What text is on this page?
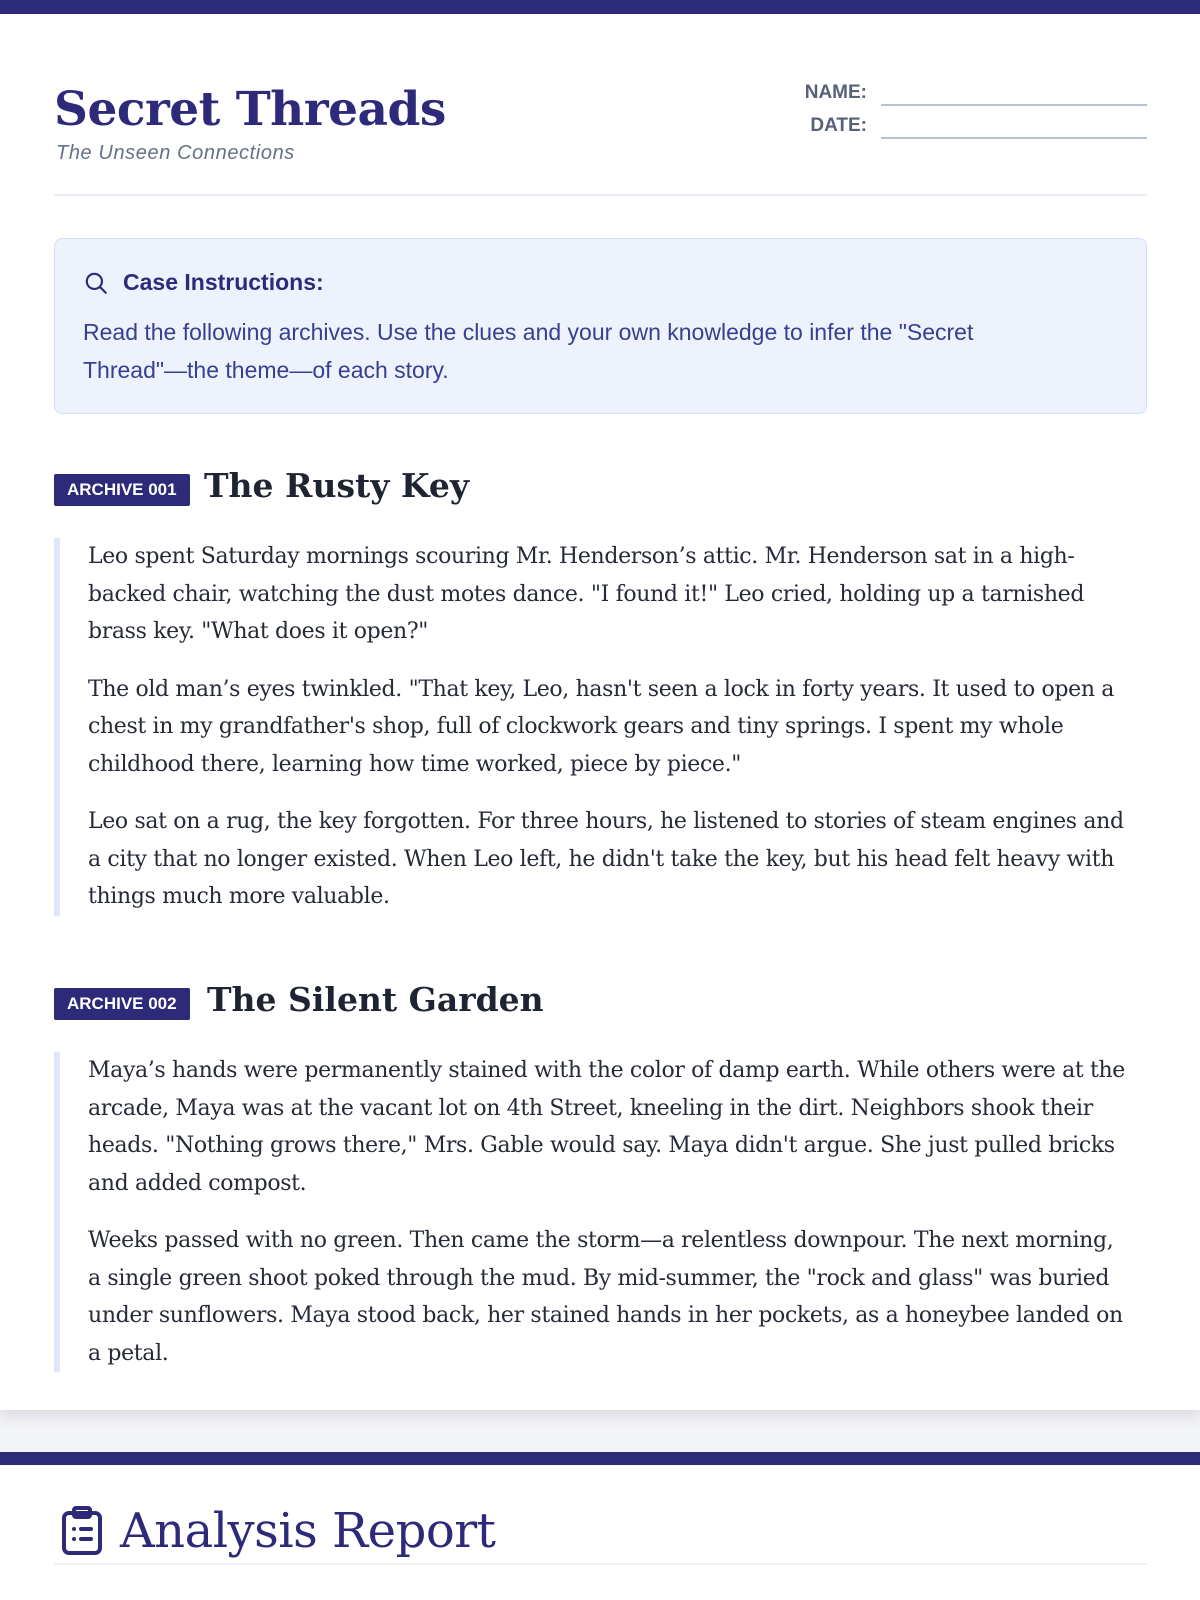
Secret Threads
The Unseen Connections
NAME:
DATE:
Case Instructions:
Read the following archives. Use the clues and your own knowledge to infer the "Secret Thread"—the theme—of each story.
ARCHIVE 001 The Rusty Key

Leo spent Saturday mornings scouring Mr. Henderson’s attic. Mr. Henderson sat in a high-backed chair, watching the dust motes dance. "I found it!" Leo cried, holding up a tarnished brass key. "What does it open?"

The old man’s eyes twinkled. "That key, Leo, hasn't seen a lock in forty years. It used to open a chest in my grandfather's shop, full of clockwork gears and tiny springs. I spent my whole childhood there, learning how time worked, piece by piece."

Leo sat on a rug, the key forgotten. For three hours, he listened to stories of steam engines and a city that no longer existed. When Leo left, he didn't take the key, but his head felt heavy with things much more valuable.

ARCHIVE 002 The Silent Garden

Maya’s hands were permanently stained with the color of damp earth. While others were at the arcade, Maya was at the vacant lot on 4th Street, kneeling in the dirt. Neighbors shook their heads. "Nothing grows there," Mrs. Gable would say. Maya didn't argue. She just pulled bricks and added compost.

Weeks passed with no green. Then came the storm—a relentless downpour. The next morning, a single green shoot poked through the mud. By mid-summer, the "rock and glass" was buried under sunflowers. Maya stood back, her stained hands in her pockets, as a honeybee landed on a petal.

Analysis Report
